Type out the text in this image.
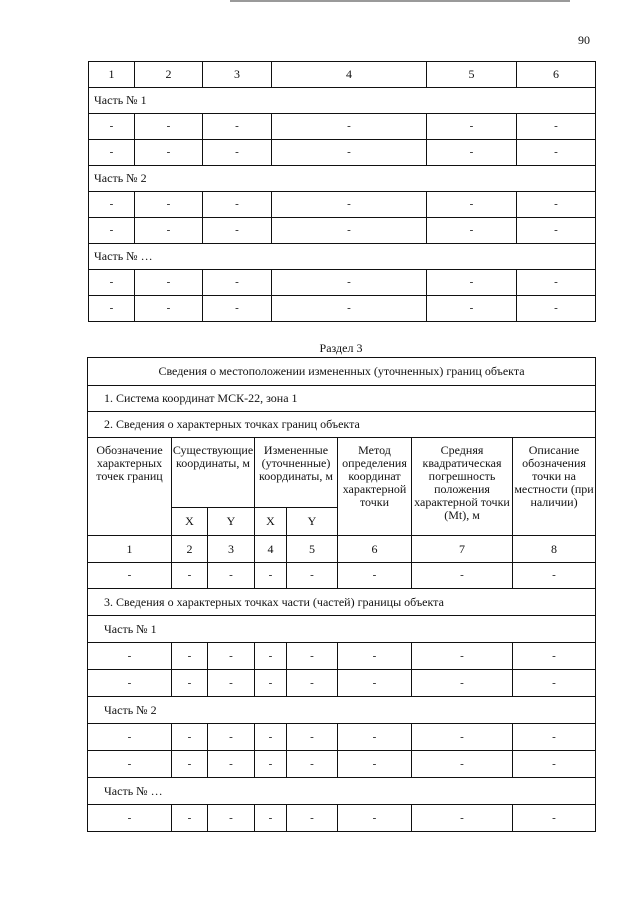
90
1	2	3	4	5	6
Часть № 1					
-	-	-	-	-	-
-	-	-	-	-	-
Часть № 2					
-	-	-	-	-	-
-	-	-	-	-	-
Часть № …					
-	-	-	-	-	-
-	-	-	-	-	-
Раздел 3
Сведения о местоположении измененных (уточненных) границ объекта							
1. Система координат МСК-22, зона 1							
2. Сведения о характерных точках границ объекта							
Обозначение характерных точек границ	Существующие координаты, м		Измененные (уточненные) координаты, м		Метод определения координат характерной точки	Средняя квадратическая погрешность положения характерной точки (Mt), м	Описание обозначения точки на местности (при наличии)
	X	Y	X	Y			
1	2	3	4	5	6	7	8
-	-	-	-	-	-	-	-
3. Сведения о характерных точках части (частей) границы объекта							
Часть № 1							
-	-	-	-	-	-	-	-
-	-	-	-	-	-	-	-
Часть № 2							
-	-	-	-	-	-	-	-
-	-	-	-	-	-	-	-
Часть № …							
-	-	-	-	-	-	-	-
